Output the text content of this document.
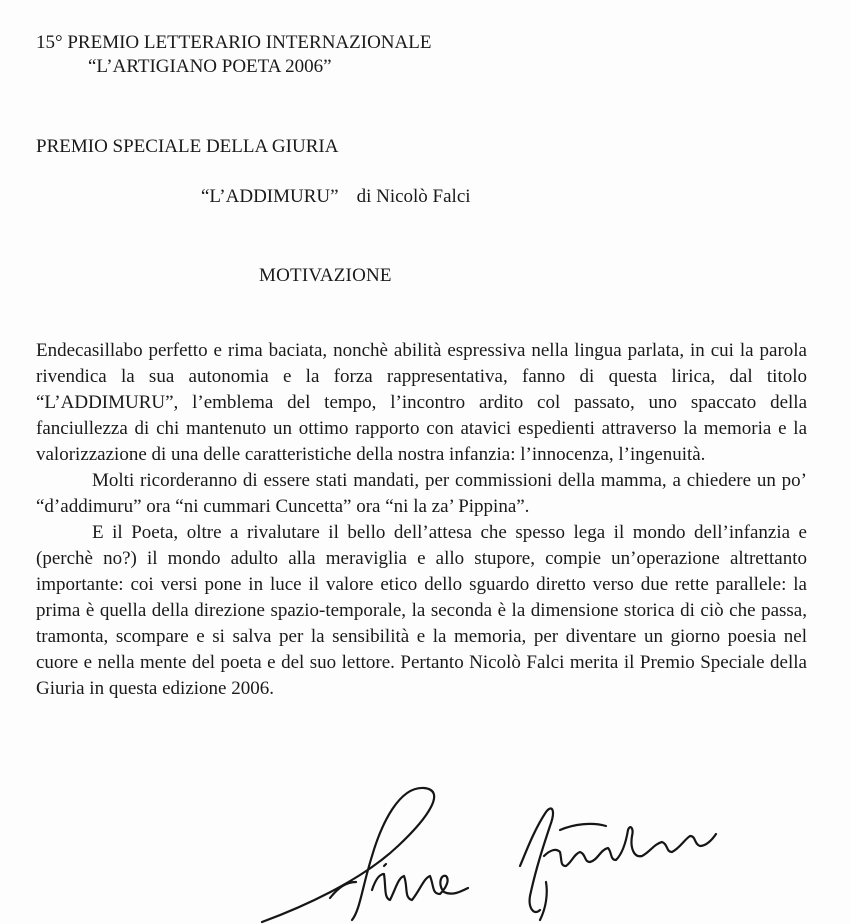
15° PREMIO LETTERARIO INTERNAZIONALE
“L’ARTIGIANO POETA 2006”
PREMIO SPECIALE DELLA GIURIA
“L’ADDIMURU” di Nicolò Falci
MOTIVAZIONE

Endecasillabo perfetto e rima baciata, nonchè abilità espressiva nella lingua parlata, in cui la parola rivendica la sua autonomia e la forza rappresentativa, fanno di questa lirica, dal titolo “L’ADDIMURU”, l’emblema del tempo, l’incontro ardito col passato, uno spaccato della fanciullezza di chi mantenuto un ottimo rapporto con atavici espedienti attraverso la memoria e la valorizzazione di una delle caratteristiche della nostra infanzia: l’innocenza, l’ingenuità.

Molti ricorderanno di essere stati mandati, per commissioni della mamma, a chiedere un po’ “d’addimuru” ora “ni cummari Cuncetta” ora “ni la za’ Pippina”.

E il Poeta, oltre a rivalutare il bello dell’attesa che spesso lega il mondo dell’infanzia e (perchè no?) il mondo adulto alla meraviglia e allo stupore, compie un’operazione altrettanto importante: coi versi pone in luce il valore etico dello sguardo diretto verso due rette parallele: la prima è quella della direzione spazio-temporale, la seconda è la dimensione storica di ciò che passa, tramonta, scompare e si salva per la sensibilità e la memoria, per diventare un giorno poesia nel cuore e nella mente del poeta e del suo lettore. Pertanto Nicolò Falci merita il Premio Speciale della Giuria in questa edizione 2006.
